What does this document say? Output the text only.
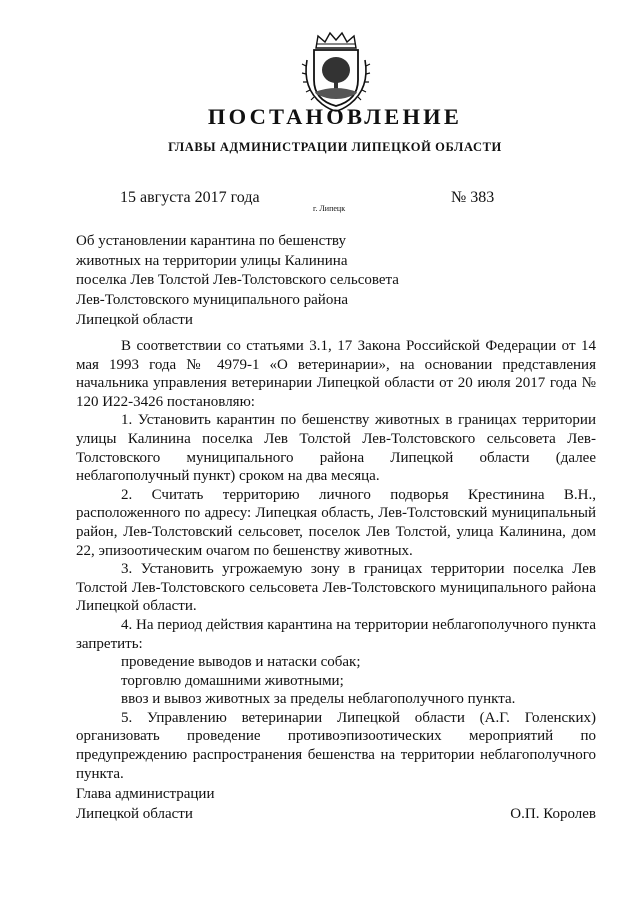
ПОСТАНОВЛЕНИЕ
ГЛАВЫ АДМИНИСТРАЦИИ ЛИПЕЦКОЙ ОБЛАСТИ
15 августа 2017 года
г. Липецк
№ 383
Об установлении карантина по бешенству
животных на территории улицы Калинина
поселка Лев Толстой Лев-Толстовского сельсовета
Лев-Толстовского муниципального района
Липецкой области

В соответствии со статьями 3.1, 17 Закона Российской Федерации от 14 мая 1993 года № 4979-1 «О ветеринарии», на основании представления начальника управления ветеринарии Липецкой области от 20 июля 2017 года № 120 И22-3426 постановляю:

1. Установить карантин по бешенству животных в границах территории улицы Калинина поселка Лев Толстой Лев-Толстовского сельсовета Лев-Толстовского муниципального района Липецкой области (далее неблагополучный пункт) сроком на два месяца.

2. Считать территорию личного подворья Крестинина В.Н., расположенного по адресу: Липецкая область, Лев-Толстовский муниципальный район, Лев-Толстовский сельсовет, поселок Лев Толстой, улица Калинина, дом 22, эпизоотическим очагом по бешенству животных.

3. Установить угрожаемую зону в границах территории поселка Лев Толстой Лев-Толстовского сельсовета Лев-Толстовского муниципального района Липецкой области.

4. На период действия карантина на территории неблагополучного пункта запретить:

проведение выводов и натаски собак;

торговлю домашними животными;

ввоз и вывоз животных за пределы неблагополучного пункта.

5. Управлению ветеринарии Липецкой области (А.Г. Голенских) организовать проведение противоэпизоотических мероприятий по предупреждению распространения бешенства на территории неблагополучного пункта.

Глава администрации
Липецкой области	О.П. Королев
